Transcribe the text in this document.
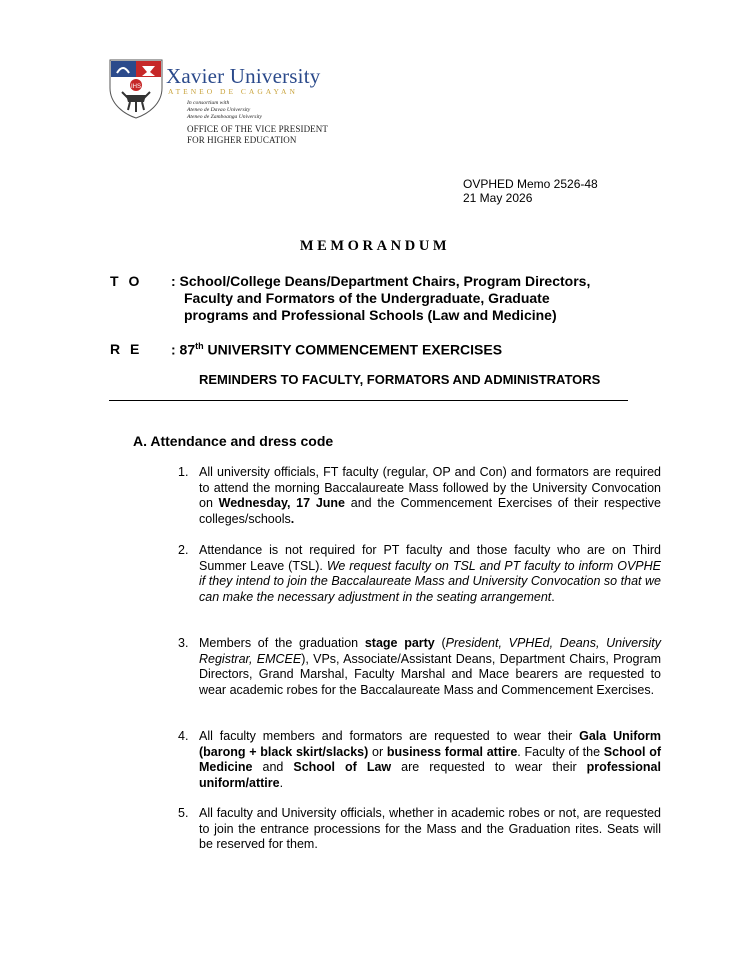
IHS Xavier University
ATENEO DE CAGAYAN
In consortium with
Ateneo de Davao University
Ateneo de Zamboanga University
OFFICE OF THE VICE PRESIDENT
FOR HIGHER EDUCATION
OVPHED Memo 2526-48
21 May 2026
MEMORANDUM
T O : School/College Deans/Department Chairs, Program Directors,
Faculty and Formators of the Undergraduate, Graduate
programs and Professional Schools (Law and Medicine)
R E : 87th UNIVERSITY COMMENCEMENT EXERCISES
REMINDERS TO FACULTY, FORMATORS AND ADMINISTRATORS
A. Attendance and dress code
1. All university officials, FT faculty (regular, OP and Con) and formators are required to attend the morning Baccalaureate Mass followed by the University Convocation on Wednesday, 17 June and the Commencement Exercises of their respective colleges/schools.
2. Attendance is not required for PT faculty and those faculty who are on Third Summer Leave (TSL). We request faculty on TSL and PT faculty to inform OVPHE if they intend to join the Baccalaureate Mass and University Convocation so that we can make the necessary adjustment in the seating arrangement.
3. Members of the graduation stage party (President, VPHEd, Deans, University Registrar, EMCEE), VPs, Associate/Assistant Deans, Department Chairs, Program Directors, Grand Marshal, Faculty Marshal and Mace bearers are requested to wear academic robes for the Baccalaureate Mass and Commencement Exercises.
4. All faculty members and formators are requested to wear their Gala Uniform (barong + black skirt/slacks) or business formal attire. Faculty of the School of Medicine and School of Law are requested to wear their professional uniform/attire.
5. All faculty and University officials, whether in academic robes or not, are requested to join the entrance processions for the Mass and the Graduation rites. Seats will be reserved for them.
